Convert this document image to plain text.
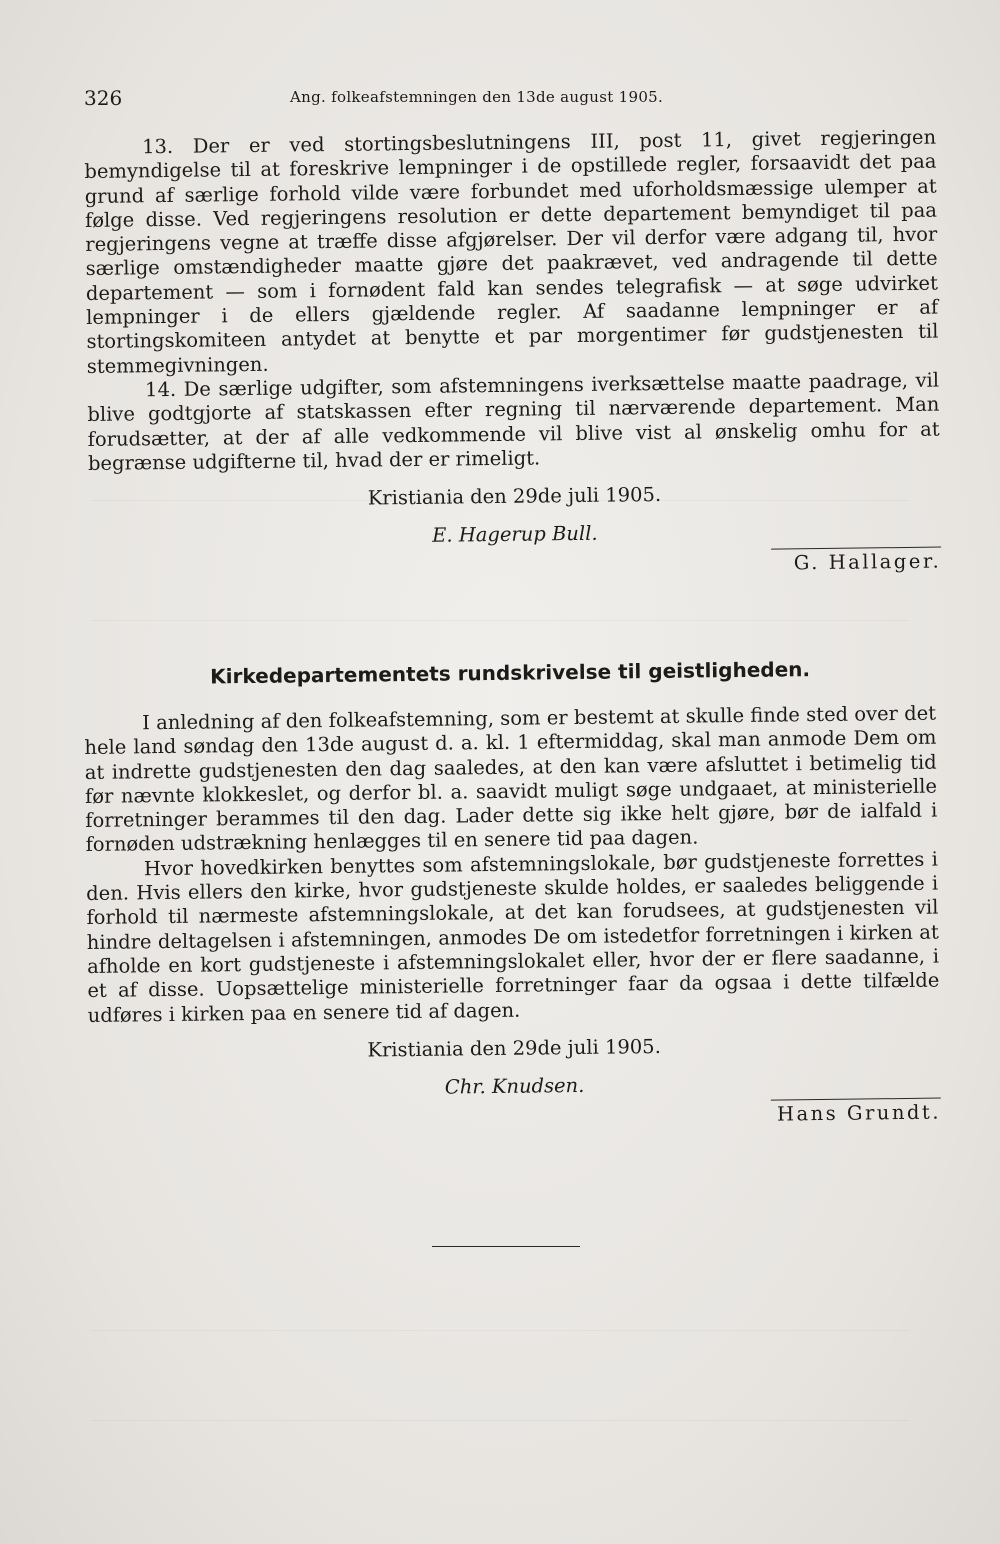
326	Ang. folkeafstemningen den 13de august 1905.

13. Der er ved stortingsbeslutningens III, post 11, givet regjeringen bemyndigelse til at foreskrive lempninger i de opstillede regler, forsaavidt det paa grund af særlige forhold vilde være forbundet med uforholdsmæssige ulemper at følge disse. Ved regjeringens resolution er dette departement bemyndiget til paa regjeringens vegne at træffe disse afgjørelser. Der vil derfor være adgang til, hvor særlige omstændigheder maatte gjøre det paakrævet, ved andragende til dette departement — som i fornødent fald kan sendes telegrafisk — at søge udvirket lempninger i de ellers gjældende regler. Af saadanne lempninger er af stortingskomiteen antydet at benytte et par morgentimer før gudstjenesten til stemmegivningen.

14. De særlige udgifter, som afstemningens iverksættelse maatte paadrage, vil blive godtgjorte af statskassen efter regning til nærværende departement. Man forudsætter, at der af alle vedkommende vil blive vist al ønskelig omhu for at begrænse udgifterne til, hvad der er rimeligt.

Kristiania den 29de juli 1905.

E. Hagerup Bull.

G. Hallager.

Kirkedepartementets rundskrivelse til geistligheden.

I anledning af den folkeafstemning, som er bestemt at skulle finde sted over det hele land søndag den 13de august d. a. kl. 1 eftermiddag, skal man anmode Dem om at indrette gudstjenesten den dag saaledes, at den kan være afsluttet i betimelig tid før nævnte klokkeslet, og derfor bl. a. saavidt muligt søge undgaaet, at ministerielle forretninger berammes til den dag. Lader dette sig ikke helt gjøre, bør de ialfald i fornøden udstrækning henlægges til en senere tid paa dagen.

Hvor hovedkirken benyttes som afstemningslokale, bør gudstjeneste forrettes i den. Hvis ellers den kirke, hvor gudstjeneste skulde holdes, er saaledes beliggende i forhold til nærmeste afstemningslokale, at det kan forudsees, at gudstjenesten vil hindre deltagelsen i afstemningen, anmodes De om istedetfor forretningen i kirken at afholde en kort gudstjeneste i afstemningslokalet eller, hvor der er flere saadanne, i et af disse. Uopsættelige ministerielle forretninger faar da ogsaa i dette tilfælde udføres i kirken paa en senere tid af dagen.

Kristiania den 29de juli 1905.

Chr. Knudsen.

Hans Grundt.
